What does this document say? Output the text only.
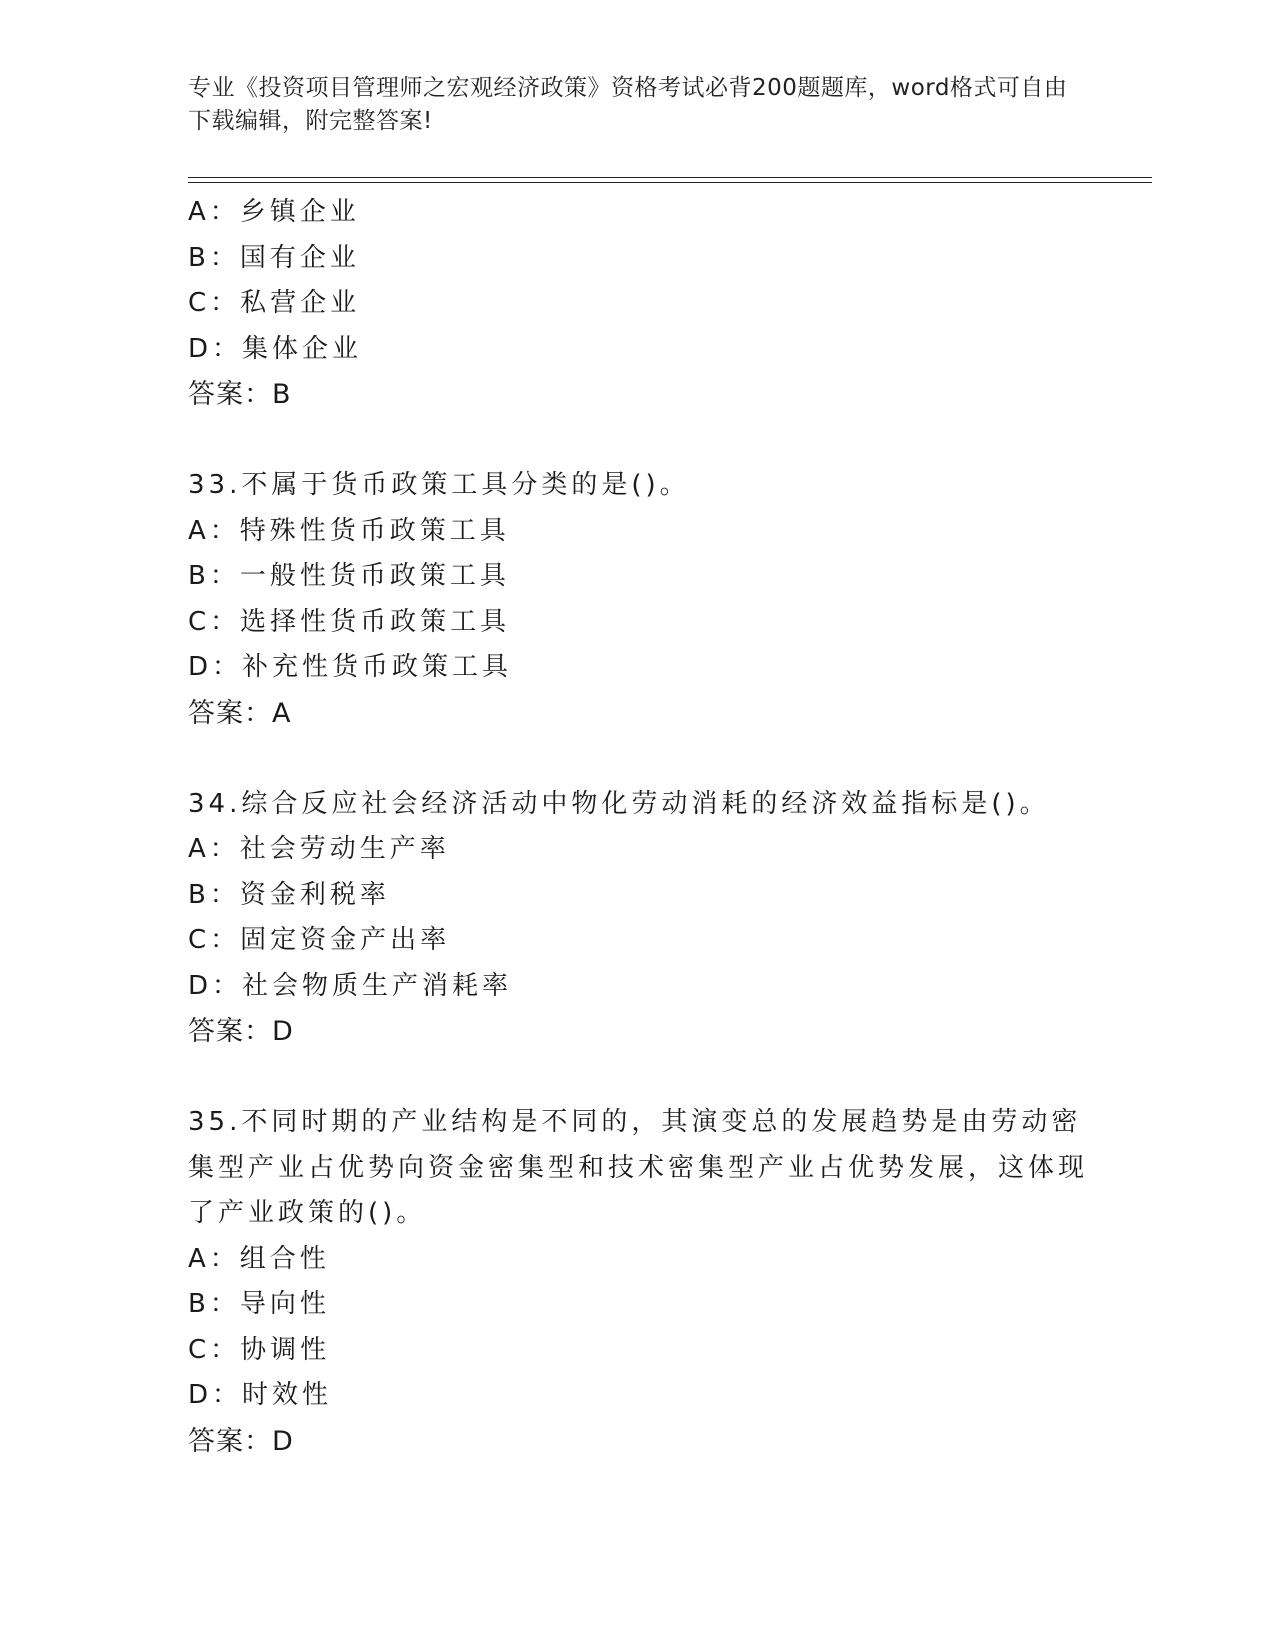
专业《投资项目管理师之宏观经济政策》资格考试必背200题题库，word格式可自由下载编辑，附完整答案!
A：乡镇企业
B：国有企业
C：私营企业
D：集体企业
答案：B
33.不属于货币政策工具分类的是()。
A：特殊性货币政策工具
B：一般性货币政策工具
C：选择性货币政策工具
D：补充性货币政策工具
答案：A
34.综合反应社会经济活动中物化劳动消耗的经济效益指标是()。
A：社会劳动生产率
B：资金利税率
C：固定资金产出率
D：社会物质生产消耗率
答案：D
35.不同时期的产业结构是不同的，其演变总的发展趋势是由劳动密集型产业占优势向资金密集型和技术密集型产业占优势发展，这体现了产业政策的()。
A：组合性
B：导向性
C：协调性
D：时效性
答案：D
